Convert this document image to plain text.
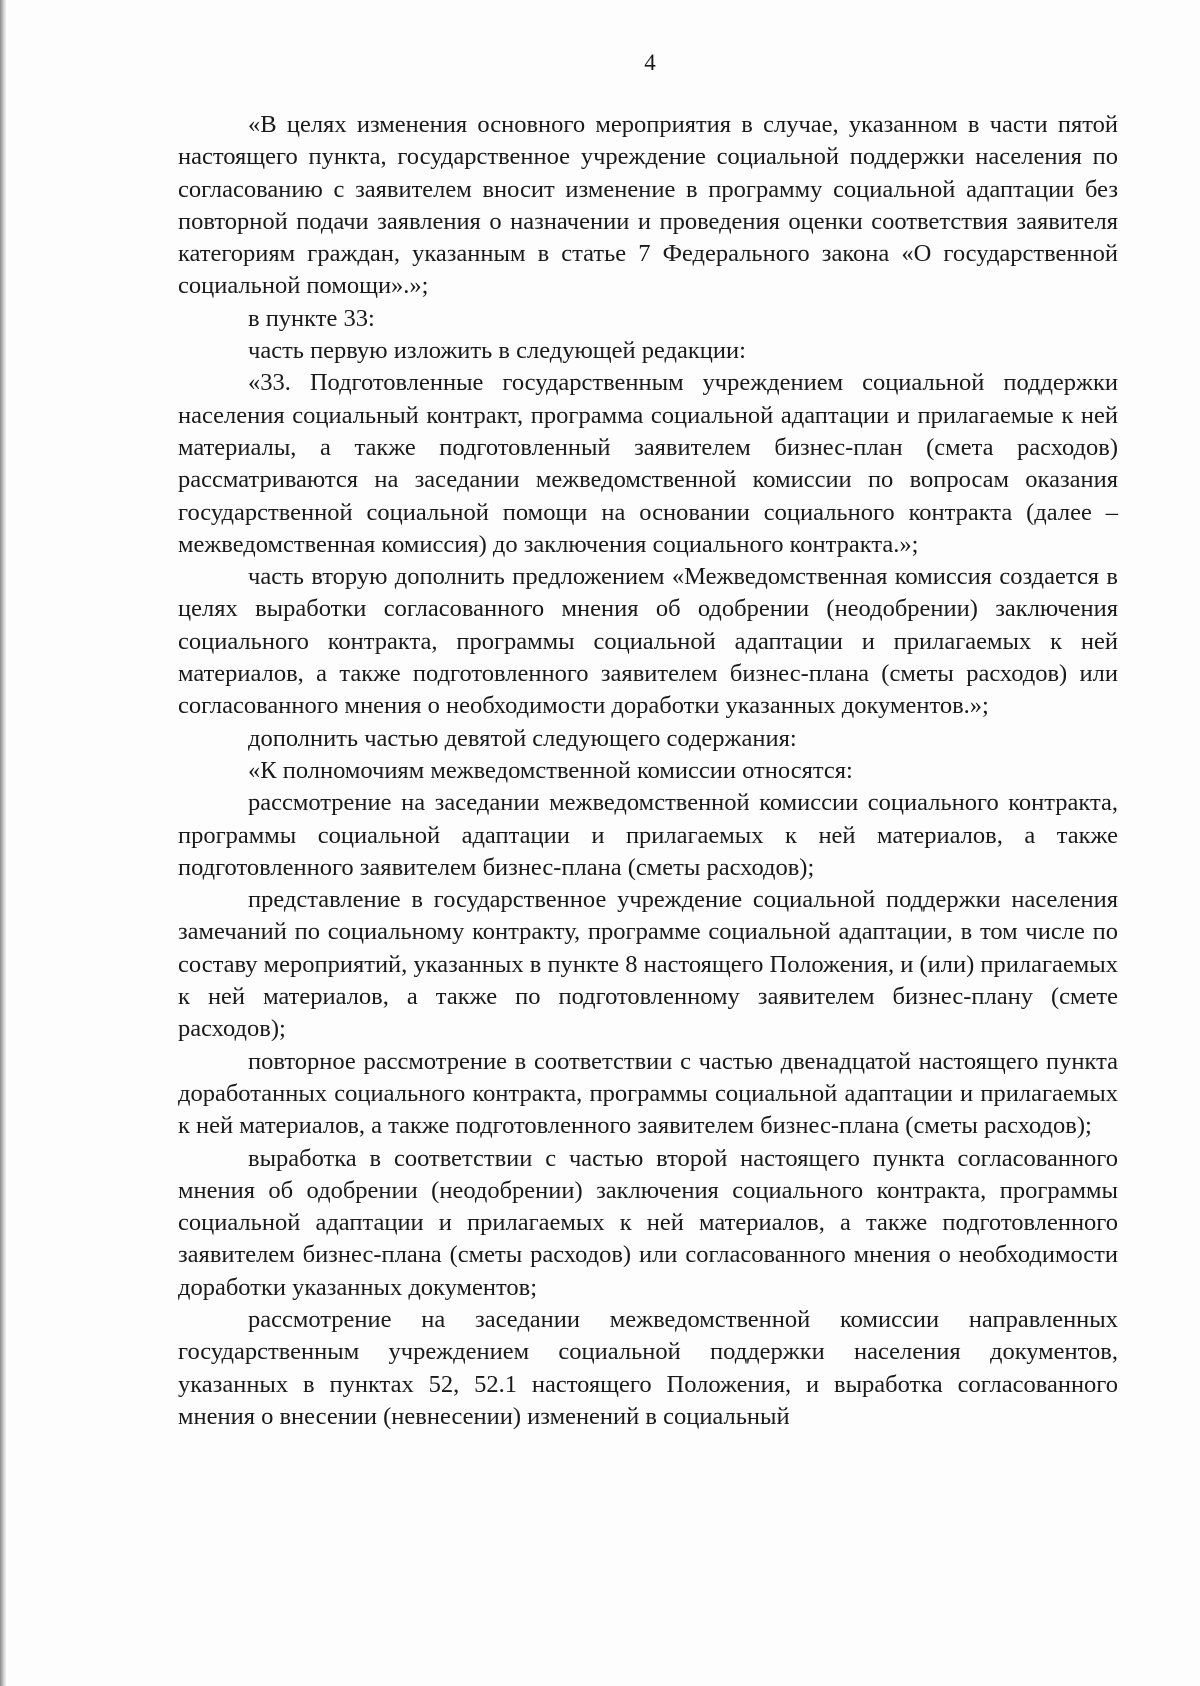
4

«В целях изменения основного мероприятия в случае, указанном в части пятой настоящего пункта, государственное учреждение социальной поддержки населения по согласованию с заявителем вносит изменение в программу социальной адаптации без повторной подачи заявления о назначении и проведения оценки соответствия заявителя категориям граждан, указанным в статье 7 Федерального закона «О государственной социальной помощи».»;

в пункте 33:

часть первую изложить в следующей редакции:

«33. Подготовленные государственным учреждением социальной поддержки населения социальный контракт, программа социальной адаптации и прилагаемые к ней материалы, а также подготовленный заявителем бизнес-план (смета расходов) рассматриваются на заседании межведомственной комиссии по вопросам оказания государственной социальной помощи на основании социального контракта (далее – межведомственная комиссия) до заключения социального контракта.»;

часть вторую дополнить предложением «Межведомственная комиссия создается в целях выработки согласованного мнения об одобрении (неодобрении) заключения социального контракта, программы социальной адаптации и прилагаемых к ней материалов, а также подготовленного заявителем бизнес-плана (сметы расходов) или согласованного мнения о необходимости доработки указанных документов.»;

дополнить частью девятой следующего содержания:

«К полномочиям межведомственной комиссии относятся:

рассмотрение на заседании межведомственной комиссии социального контракта, программы социальной адаптации и прилагаемых к ней материалов, а также подготовленного заявителем бизнес-плана (сметы расходов);

представление в государственное учреждение социальной поддержки населения замечаний по социальному контракту, программе социальной адаптации, в том числе по составу мероприятий, указанных в пункте 8 настоящего Положения, и (или) прилагаемых к ней материалов, а также по подготовленному заявителем бизнес-плану (смете расходов);

повторное рассмотрение в соответствии с частью двенадцатой настоящего пункта доработанных социального контракта, программы социальной адаптации и прилагаемых к ней материалов, а также подготовленного заявителем бизнес-плана (сметы расходов);

выработка в соответствии с частью второй настоящего пункта согласованного мнения об одобрении (неодобрении) заключения социального контракта, программы социальной адаптации и прилагаемых к ней материалов, а также подготовленного заявителем бизнес-плана (сметы расходов) или согласованного мнения о необходимости доработки указанных документов;

рассмотрение на заседании межведомственной комиссии направленных государственным учреждением социальной поддержки населения документов, указанных в пунктах 52, 52.1 настоящего Положения, и выработка согласованного мнения о внесении (невнесении) изменений в социальный
